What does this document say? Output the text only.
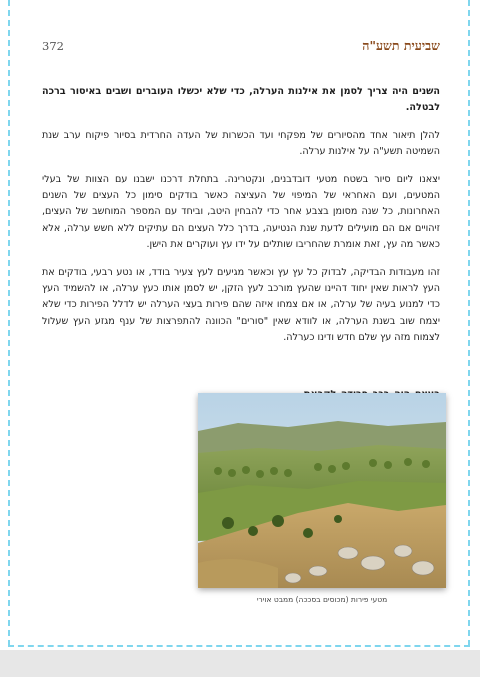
שביעית תשע"ה
372

השנים היה צריך לסמן את אילנות הערלה, כדי שלא יכשלו העוברים ושבים באיסור ברכה לבטלה.

להלן תיאור אחד מהסיורים של מפקחי ועד הכשרות של העדה החרדית בסיור פיקוח ערב שנת השמיטה תשע"ה על אילנות ערלה.

יצאנו ליום סיור בשטח מטעי דובדבנים, ונקטרינה. בתחלת דרכנו ישבנו עם הצוות של בעלי המטעים, ועם האחראי של המיפוי של העציצה כאשר בודקים סימון כל העצים של השנים האחרונות, כל שנה מסומן בצבע אחר כדי להבחין היטב, וביחד עם המספר המוחשב של העצים, זיהויים אם הם מועילים לדעת שנת הנטיעה, בדרך כלל העצים הם עתיקים ללא חשש ערלה, אלא כאשר מה עץ, זאת אומרת שהחריבו שותלים על ידו עץ ועוקרים את הישן.

זהו מעבודות הבדיקה, לבדוק כל עץ עץ וכאשר מגיעים לעץ צעיר בודד, או נטע רבעי, בודקים את העץ לראות שאין יחוד דהיינו שהעץ מורכב לעץ הזקן, יש לסמן אותו כעץ ערלה, או להשמיד העץ כדי למנוע בעיה של ערלה, או אם צמחו איזה שהם פירות בעצי הערלה יש לדלל הפירות כדי שלא יצמח שוב בשנת הערלה, או לוודא שאין "סורים" הכוונה להתפרצות של ענף מגזע העץ שעלול לצמוח מזה עץ שלם חדש ודינו כערלה.

מטעי פירות (מכוסים בסככה) ממבט אוירי
